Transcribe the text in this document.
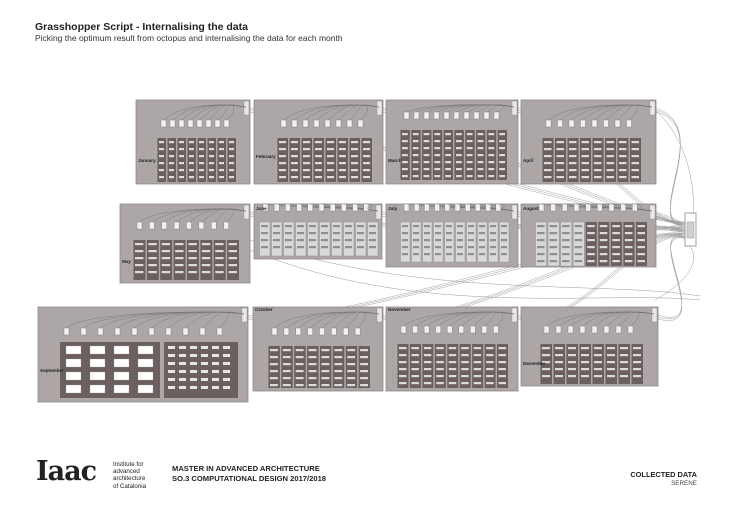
Grasshopper Script - Internalising the data
Picking the optimum result from octopus and internalising the data for each month
January
February
March	April
May
June	July	August
September
October	November
December
Iaac	Institute for
advanced
architecture
of Catalonia
MASTER IN ADVANCED ARCHITECTURE
SO.3 COMPUTATIONAL DESIGN 2017/2018	COLLECTED DATA
SERENE
